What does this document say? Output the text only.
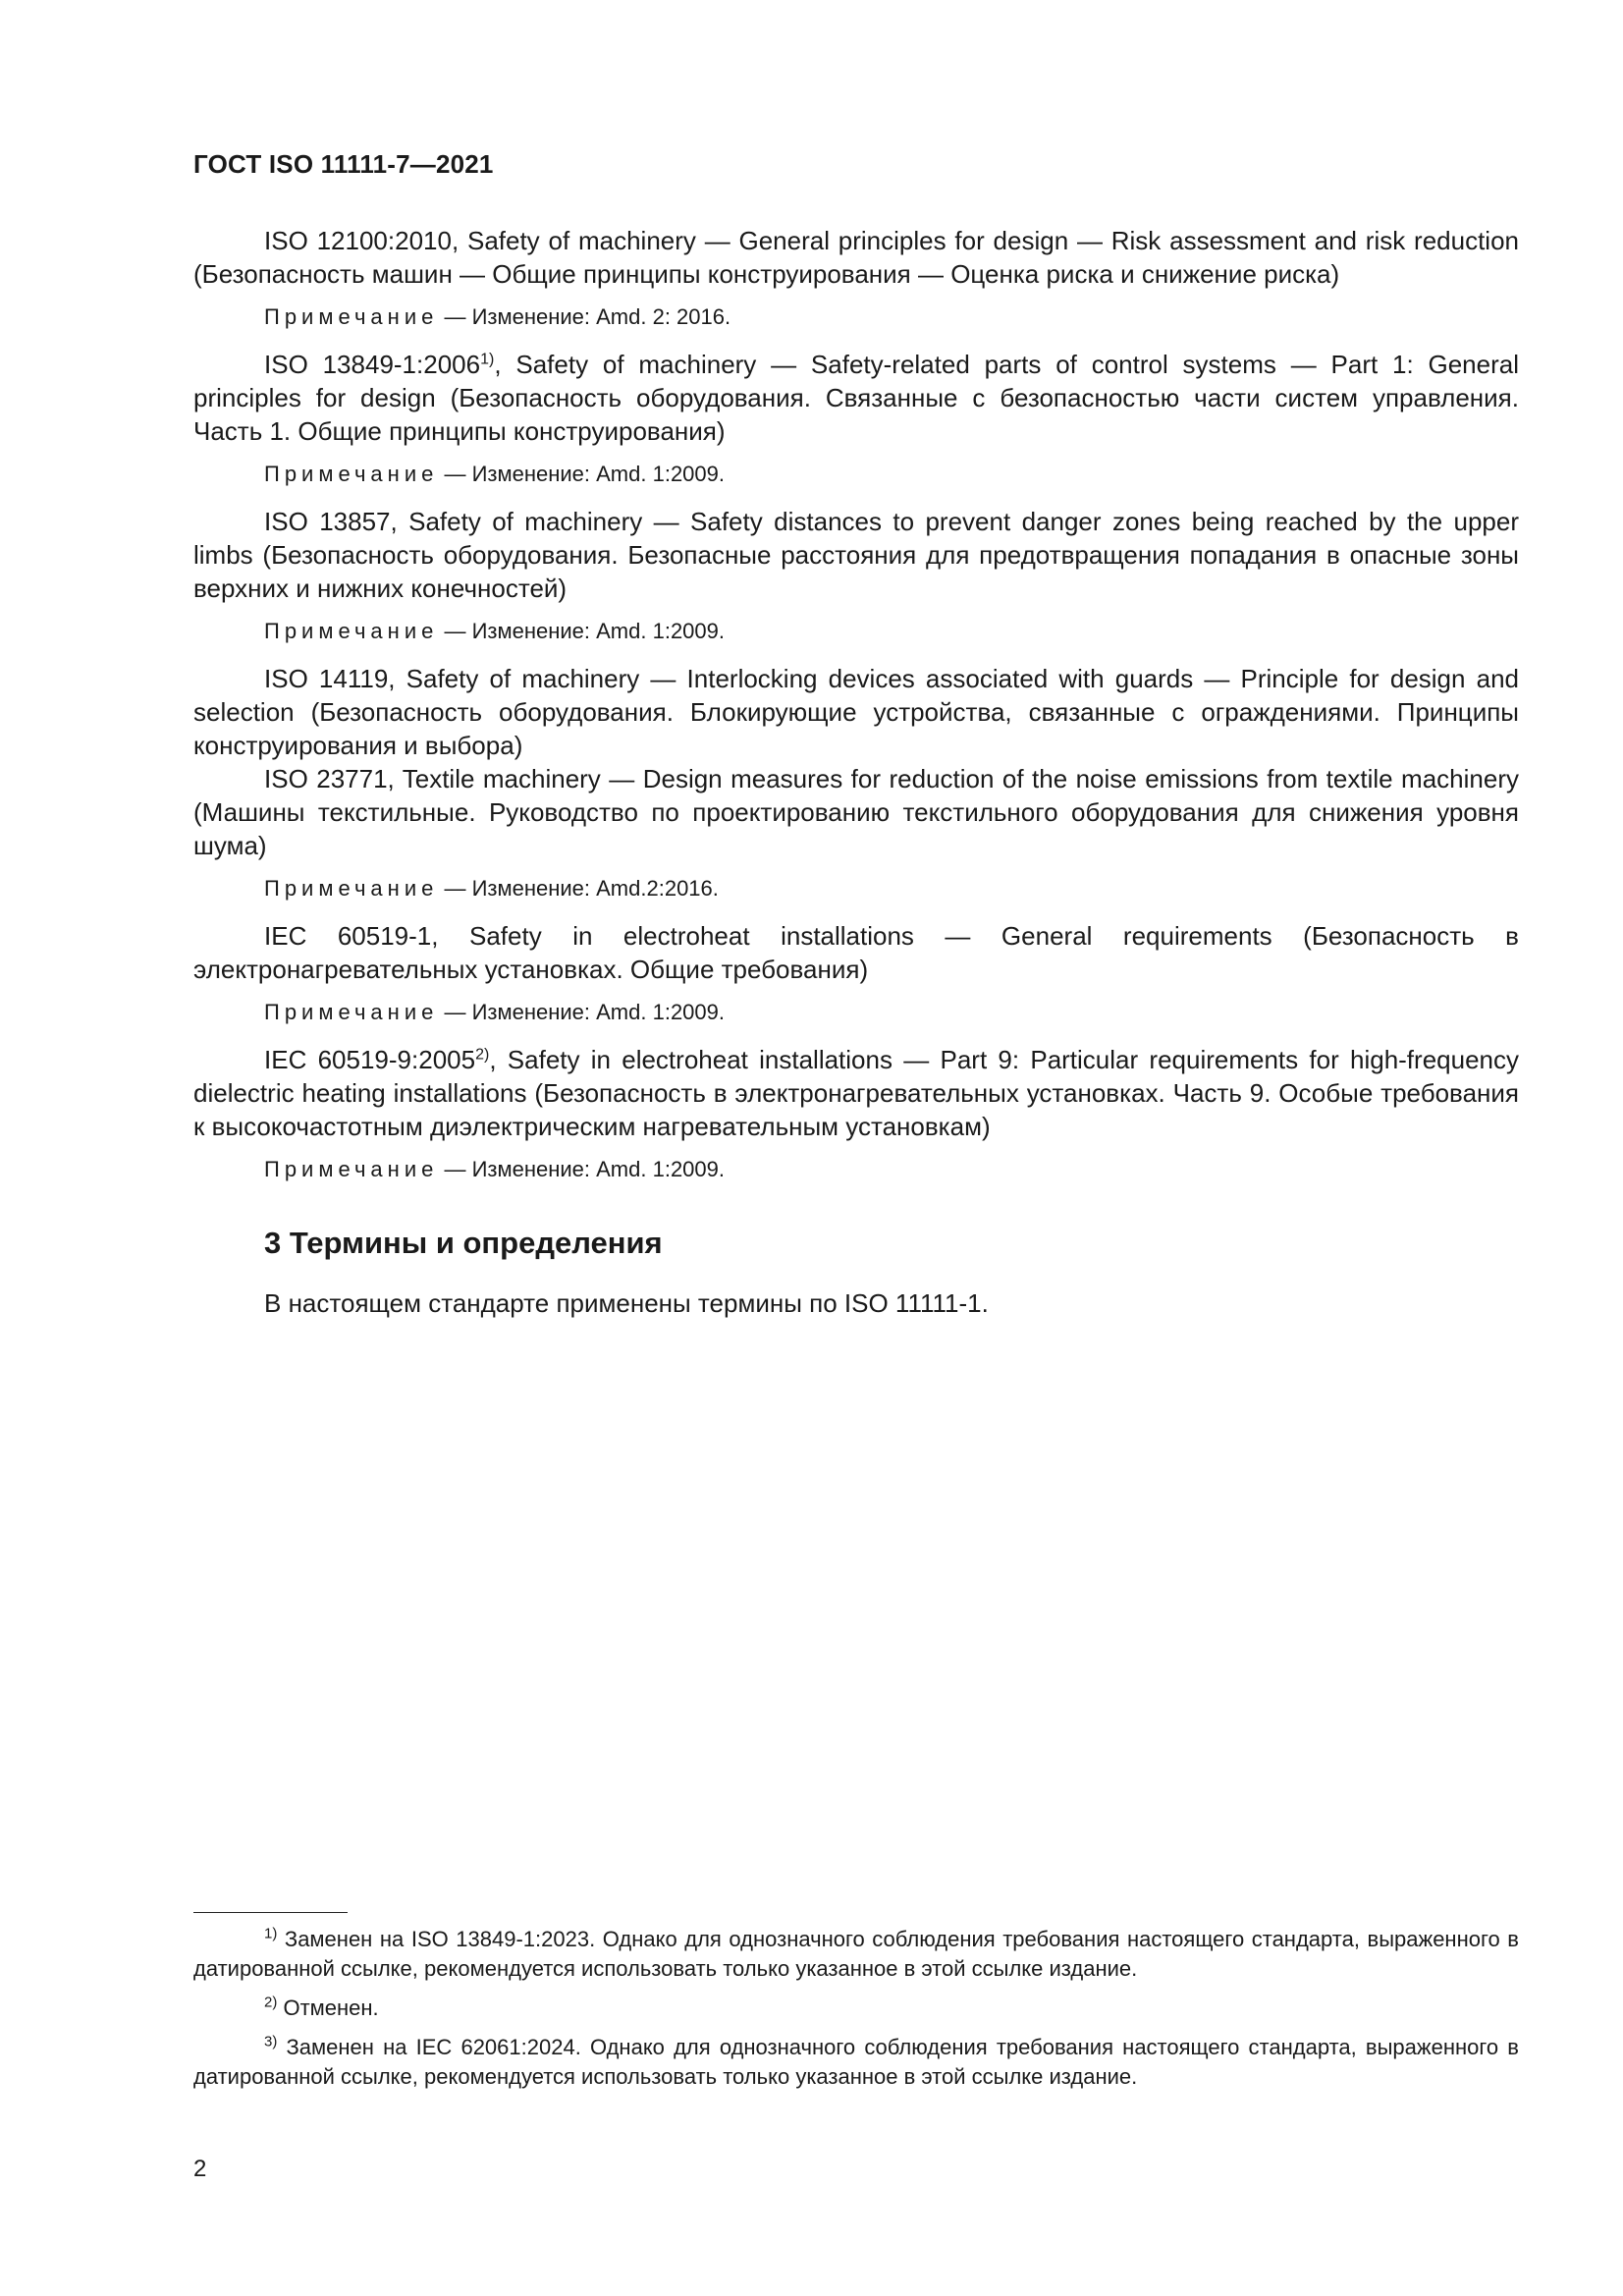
ГОСТ ISO 11111-7—2021

ISO 12100:2010, Safety of machinery — General principles for design — Risk assessment and risk reduction (Безопасность машин — Общие принципы конструирования — Оценка риска и снижение риска)

Примечание — Изменение: Amd. 2: 2016.

ISO 13849-1:2006$^{1)}$, Safety of machinery — Safety-related parts of control systems — Part 1: General principles for design (Безопасность оборудования. Связанные с безопасностью части систем управления. Часть 1. Общие принципы конструирования)

Примечание — Изменение: Amd. 1:2009.

ISO 13857, Safety of machinery — Safety distances to prevent danger zones being reached by the upper limbs (Безопасность оборудования. Безопасные расстояния для предотвращения попадания в опасные зоны верхних и нижних конечностей)

Примечание — Изменение: Amd. 1:2009.

ISO 14119, Safety of machinery — Interlocking devices associated with guards — Principle for design and selection (Безопасность оборудования. Блокирующие устройства, связанные с ограждениями. Принципы конструирования и выбора)

ISO 23771, Textile machinery — Design measures for reduction of the noise emissions from textile machinery (Машины текстильные. Руководство по проектированию текстильного оборудования для снижения уровня шума)

Примечание — Изменение: Amd.2:2016.

IEC 60519-1, Safety in electroheat installations — General requirements (Безопасность в электронагревательных установках. Общие требования)

Примечание — Изменение: Amd. 1:2009.

IEC 60519-9:2005$^{2)}$, Safety in electroheat installations — Part 9: Particular requirements for high-frequency dielectric heating installations (Безопасность в электронагревательных установках. Часть 9. Особые требования к высокочастотным диэлектрическим нагревательным установкам)

Примечание — Изменение: Amd. 1:2009.
3 Термины и определения
В настоящем стандарте применены термины по ISO 11111-1.

$^{1)}$ Заменен на ISO 13849-1:2023. Однако для однозначного соблюдения требования настоящего стандарта, выраженного в датированной ссылке, рекомендуется использовать только указанное в этой ссылке издание.

$^{2)}$ Отменен.

$^{3)}$ Заменен на IEC 62061:2024. Однако для однозначного соблюдения требования настоящего стандарта, выраженного в датированной ссылке, рекомендуется использовать только указанное в этой ссылке издание.

2
